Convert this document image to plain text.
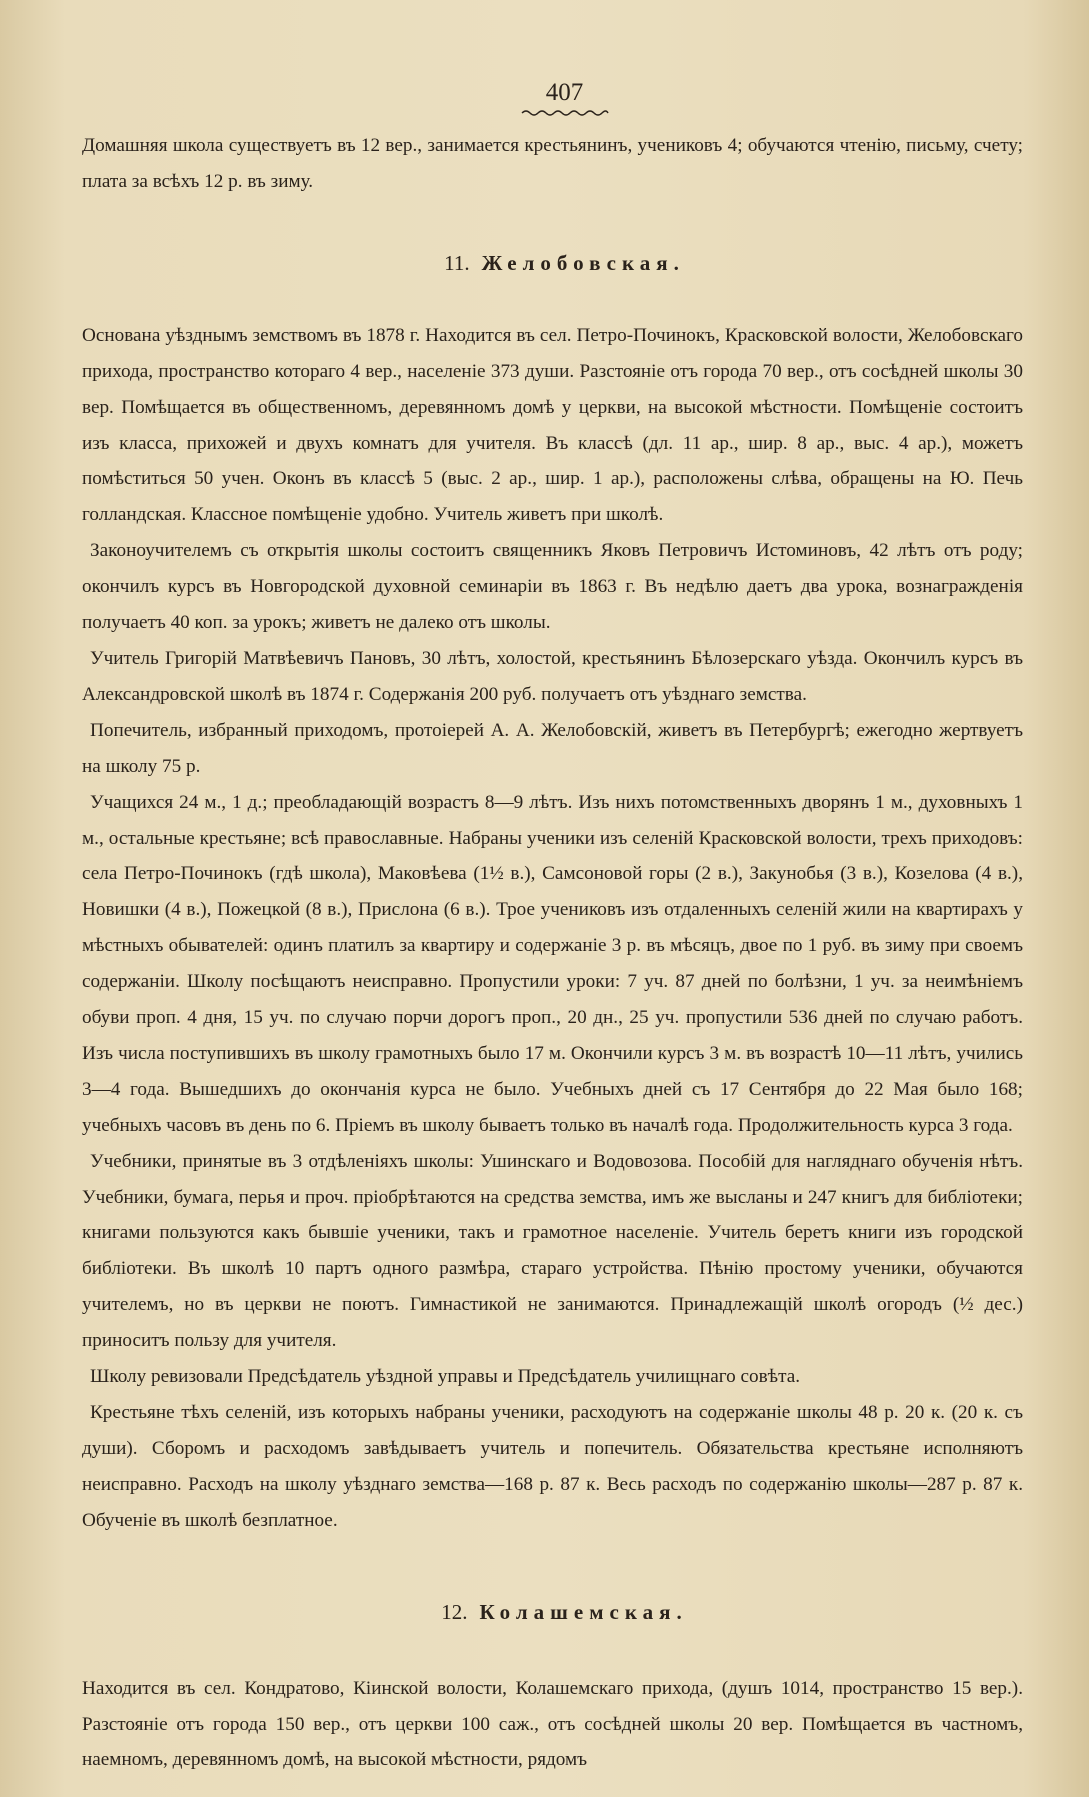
407

Домашняя школа существуетъ въ 12 вер., занимается крестьянинъ, учениковъ 4; обучаются чтенію, письму, счету; плата за всѣхъ 12 р. въ зиму.

11. Желобовская.

Основана уѣзднымъ земствомъ въ 1878 г. Находится въ сел. Петро-Починокъ, Красковской волости, Желобовскаго прихода, пространство котораго 4 вер., населеніе 373 души. Разстояніе отъ города 70 вер., отъ сосѣдней школы 30 вер. Помѣщается въ общественномъ, деревянномъ домѣ у церкви, на высокой мѣстности. Помѣщеніе состоитъ изъ класса, прихожей и двухъ комнатъ для учителя. Въ классѣ (дл. 11 ар., шир. 8 ар., выс. 4 ар.), можетъ помѣститься 50 учен. Оконъ въ классѣ 5 (выс. 2 ар., шир. 1 ар.), расположены слѣва, обращены на Ю. Печь голландская. Классное помѣщеніе удобно. Учитель живетъ при школѣ.

Законоучителемъ съ открытія школы состоитъ священникъ Яковъ Петровичъ Истоминовъ, 42 лѣтъ отъ роду; окончилъ курсъ въ Новгородской духовной семинаріи въ 1863 г. Въ недѣлю даетъ два урока, вознагражденія получаетъ 40 коп. за урокъ; живетъ не далеко отъ школы.

Учитель Григорій Матвѣевичъ Пановъ, 30 лѣтъ, холостой, крестьянинъ Бѣлозерскаго уѣзда. Окончилъ курсъ въ Александровской школѣ въ 1874 г. Содержанія 200 руб. получаетъ отъ уѣзднаго земства.

Попечитель, избранный приходомъ, протоіерей А. А. Желобовскій, живетъ въ Петербургѣ; ежегодно жертвуетъ на школу 75 р.

Учащихся 24 м., 1 д.; преобладающій возрастъ 8—9 лѣтъ. Изъ нихъ потомственныхъ дворянъ 1 м., духовныхъ 1 м., остальные крестьяне; всѣ православные. Набраны ученики изъ селеній Красковской волости, трехъ приходовъ: села Петро-Починокъ (гдѣ школа), Маковѣева (1½ в.), Самсоновой горы (2 в.), Закунобья (3 в.), Козелова (4 в.), Новишки (4 в.), Пожецкой (8 в.), Прислона (6 в.). Трое учениковъ изъ отдаленныхъ селеній жили на квартирахъ у мѣстныхъ обывателей: одинъ платилъ за квартиру и содержаніе 3 р. въ мѣсяцъ, двое по 1 руб. въ зиму при своемъ содержаніи. Школу посѣщаютъ неисправно. Пропустили уроки: 7 уч. 87 дней по болѣзни, 1 уч. за неимѣніемъ обуви проп. 4 дня, 15 уч. по случаю порчи дорогъ проп., 20 дн., 25 уч. пропустили 536 дней по случаю работъ. Изъ числа поступившихъ въ школу грамотныхъ было 17 м. Окончили курсъ 3 м. въ возрастѣ 10—11 лѣтъ, учились 3—4 года. Вышедшихъ до окончанія курса не было. Учебныхъ дней съ 17 Сентября до 22 Мая было 168; учебныхъ часовъ въ день по 6. Пріемъ въ школу бываетъ только въ началѣ года. Продолжительность курса 3 года.

Учебники, принятые въ 3 отдѣленіяхъ школы: Ушинскаго и Водовозова. Пособій для нагляднаго обученія нѣтъ. Учебники, бумага, перья и проч. пріобрѣтаются на средства земства, имъ же высланы и 247 книгъ для библіотеки; книгами пользуются какъ бывшіе ученики, такъ и грамотное населеніе. Учитель беретъ книги изъ городской библіотеки. Въ школѣ 10 партъ одного размѣра, стараго устройства. Пѣнію простому ученики, обучаются учителемъ, но въ церкви не поютъ. Гимнастикой не занимаются. Принадлежащій школѣ огородъ (½ дес.) приноситъ пользу для учителя.

Школу ревизовали Предсѣдатель уѣздной управы и Предсѣдатель училищнаго совѣта.

Крестьяне тѣхъ селеній, изъ которыхъ набраны ученики, расходуютъ на содержаніе школы 48 р. 20 к. (20 к. съ души). Сборомъ и расходомъ завѣдываетъ учитель и попечитель. Обязательства крестьяне исполняютъ неисправно. Расходъ на школу уѣзднаго земства—168 р. 87 к. Весь расходъ по содержанію школы—287 р. 87 к. Обученіе въ школѣ безплатное.

12. Колашемская.

Находится въ сел. Кондратово, Кіинской волости, Колашемскаго прихода, (душъ 1014, пространство 15 вер.). Разстояніе отъ города 150 вер., отъ церкви 100 саж., отъ сосѣдней школы 20 вер. Помѣщается въ частномъ, наемномъ, деревянномъ домѣ, на высокой мѣстности, рядомъ
